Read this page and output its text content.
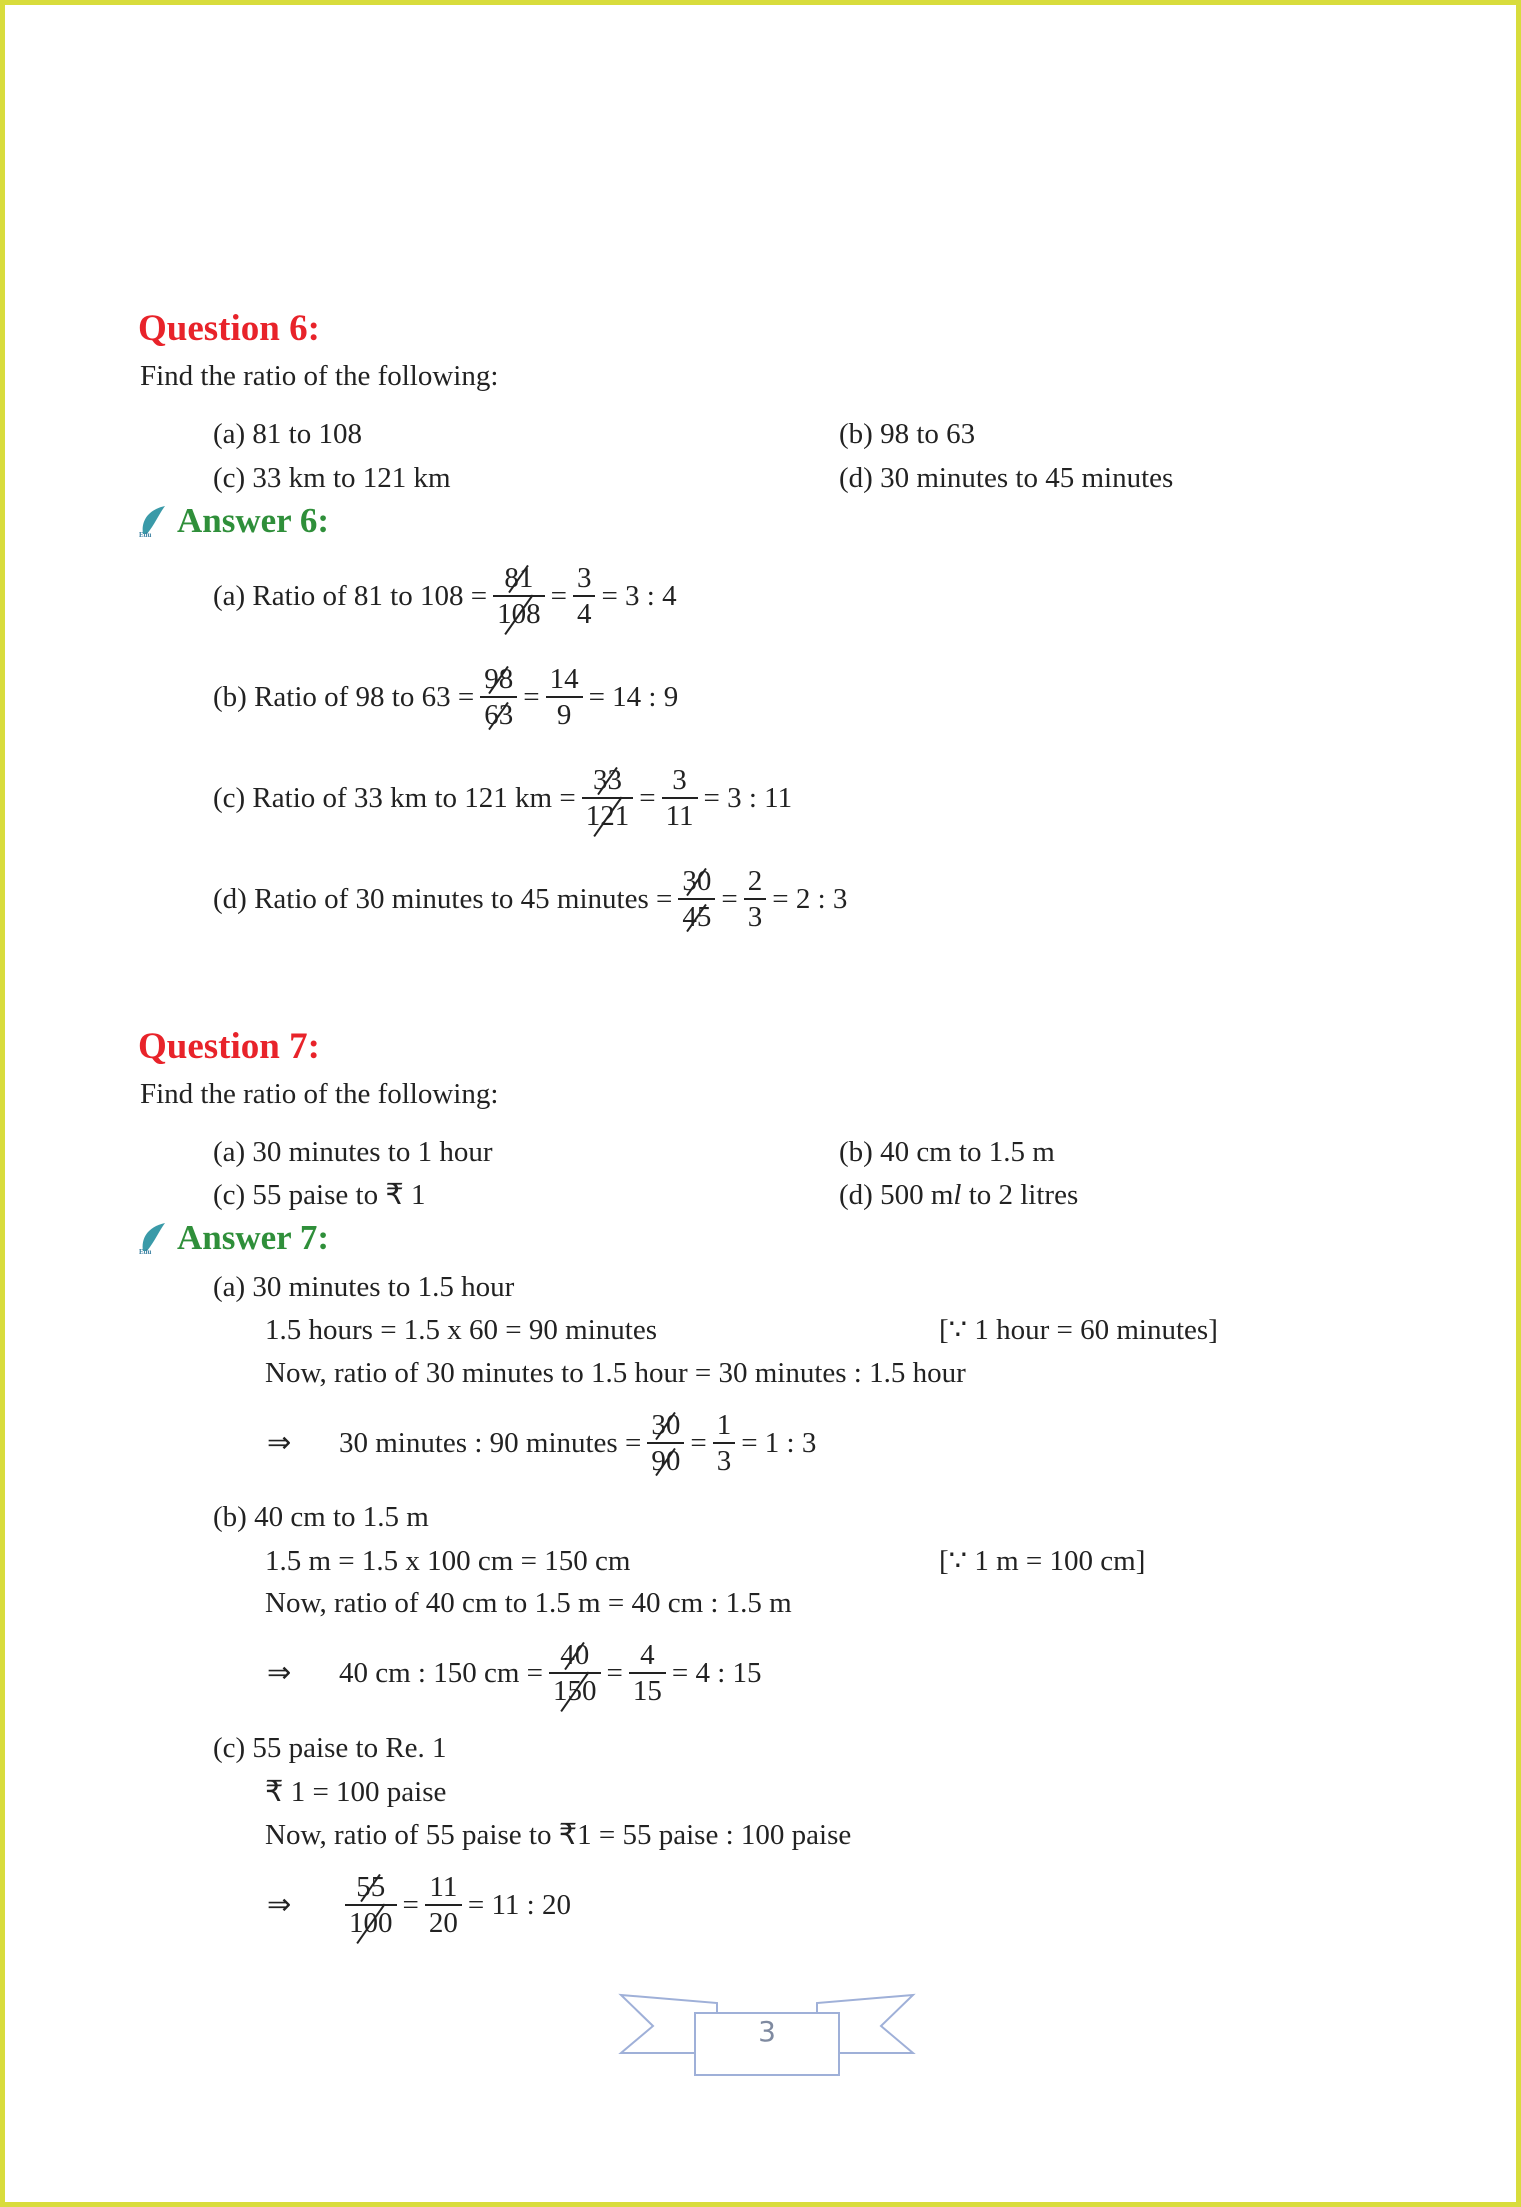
Question 6:
Find the ratio of the following:
(a) 81 to 108	(b) 98 to 63
(c) 33 km to 121 km	(d) 30 minutes to 45 minutes
Edu Answer 6:
(a) Ratio of 81 to $108 = \frac{81}{108} = \frac{3}{4} = 3$ : 4
(b) Ratio of 98 to $63 = \frac{98}{63} = \frac{14}{9} = 14$ : 9
(c) Ratio of 33 km to 121 km = $\frac{33}{121} = \frac{3}{11} = 3$ : 11
(d) Ratio of 30 minutes to 45 minutes = $\frac{30}{45} = \frac{2}{3} = 2$ : 3
Question 7:
Find the ratio of the following:
(a) 30 minutes to 1 hour	(b) 40 cm to 1.5 m
(c) 55 paise to ₹ 1	(d) 500 m l to 2 litres
Edu Answer 7:
(a) 30 minutes to 1.5 hour
1.5 hours = 1.5 x 60 = 90 minutes	[∵ 1 hour = 60 minutes]
Now, ratio of 30 minutes to 1.5 hour = 30 minutes : 1.5 hour
⇒	30 minutes : 90 minutes = $\frac{30}{90} = \frac{1}{3} = 1$ : 3
(b) 40 cm to 1.5 m
1.5 m = 1.5 x 100 cm = 150 cm	[∵ 1 m = 100 cm]
Now, ratio of 40 cm to 1.5 m = 40 cm : 1.5 m
⇒	40 cm : 150 cm = $\frac{40}{150} = \frac{4}{15} = 4$ : 15
(c) 55 paise to Re. 1
₹ 1 = 100 paise
Now, ratio of 55 paise to ₹1 = 55 paise : 100 paise
⇒	$\frac{55}{100} = \frac{11}{20} = 11$ : 20
3
